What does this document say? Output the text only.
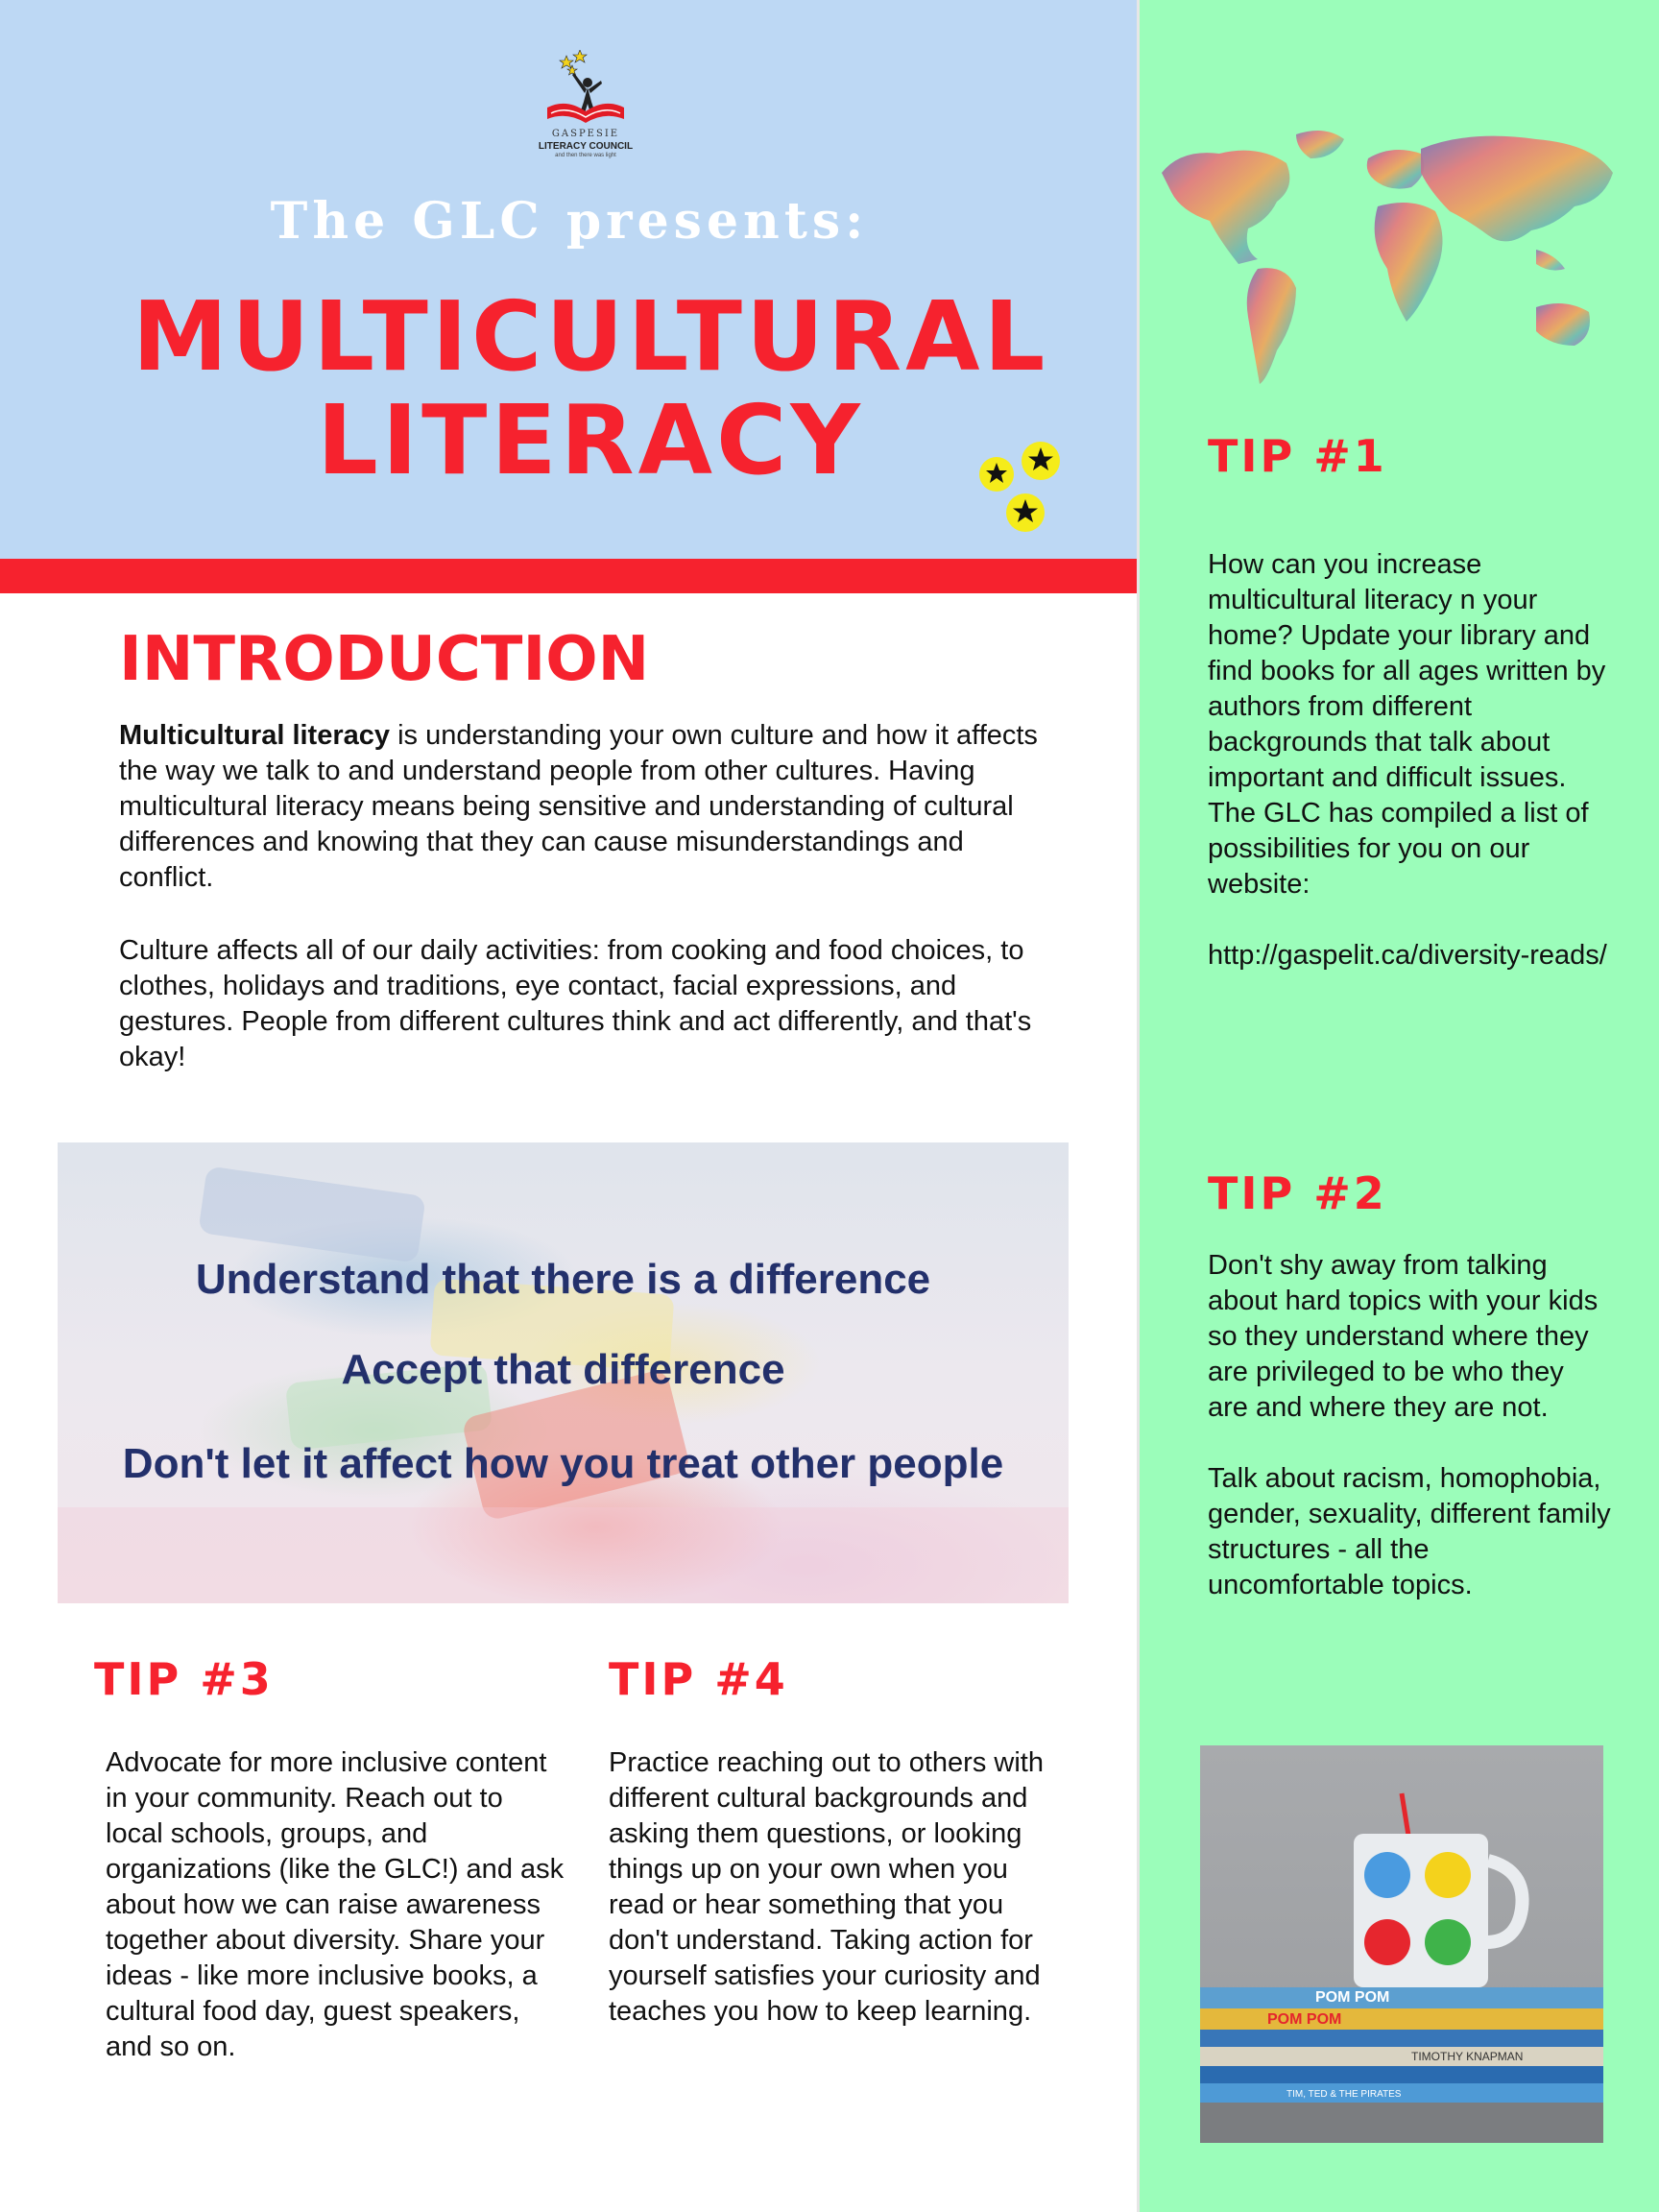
GASPESIE
LITERACY COUNCIL
and then there was light
The GLC presents:
MULTICULTURAL
LITERACY
INTRODUCTION
Multicultural literacy is understanding your own culture and how it affects the way we talk to and understand people from other cultures. Having multicultural literacy means being sensitive and understanding of cultural differences and knowing that they can cause misunderstandings and conflict.
Culture affects all of our daily activities: from cooking and food choices, to clothes, holidays and traditions, eye contact, facial expressions, and gestures. People from different cultures think and act differently, and that's okay!
Understand that there is a difference
Accept that difference
Don't let it affect how you treat other people
TIP #3	TIP #4
Advocate for more inclusive content in your community. Reach out to local schools, groups, and organizations (like the GLC!) and ask about how we can raise awareness together about diversity. Share your ideas - like more inclusive books, a cultural food day, guest speakers, and so on.
Practice reaching out to others with different cultural backgrounds and asking them questions, or looking things up on your own when you read or hear something that you don't understand. Taking action for yourself satisfies your curiosity and teaches you how to keep learning.
TIP #1
How can you increase multicultural literacy n your home? Update your library and find books for all ages written by authors from different backgrounds that talk about important and difficult issues. The GLC has compiled a list of possibilities for you on our website:
http://gaspelit.ca/diversity-reads/
TIP #2
Don't shy away from talking about hard topics with your kids so they understand where they are privileged to be who they are and where they are not.
Talk about racism, homophobia, gender, sexuality, different family structures - all the uncomfortable topics.
POM POM
POM POM
TIMOTHY KNAPMAN
TIM, TED & THE PIRATES
